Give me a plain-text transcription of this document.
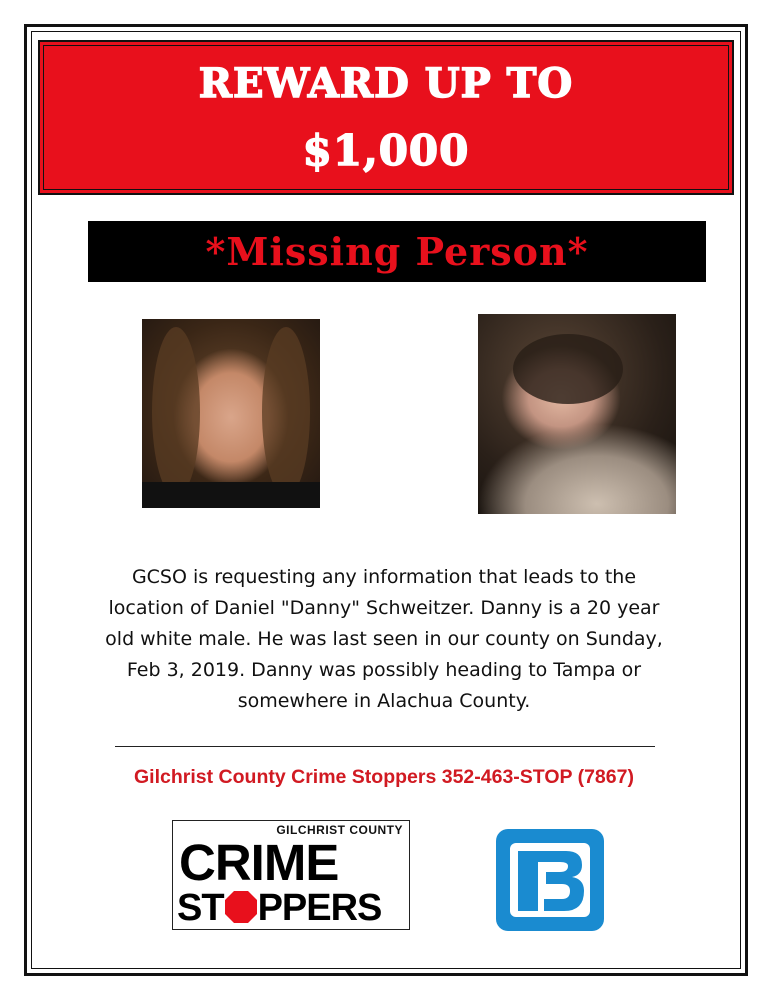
REWARD UP TO
$1,000
*Missing Person*

GCSO is requesting any information that leads to the
location of Daniel "Danny" Schweitzer. Danny is a 20 year
old white male. He was last seen in our county on Sunday,
Feb 3, 2019. Danny was possibly heading to Tampa or
somewhere in Alachua County.

Gilchrist County Crime Stoppers 352-463-STOP (7867)
GILCHRIST COUNTY
CRIME
ST PPERS
